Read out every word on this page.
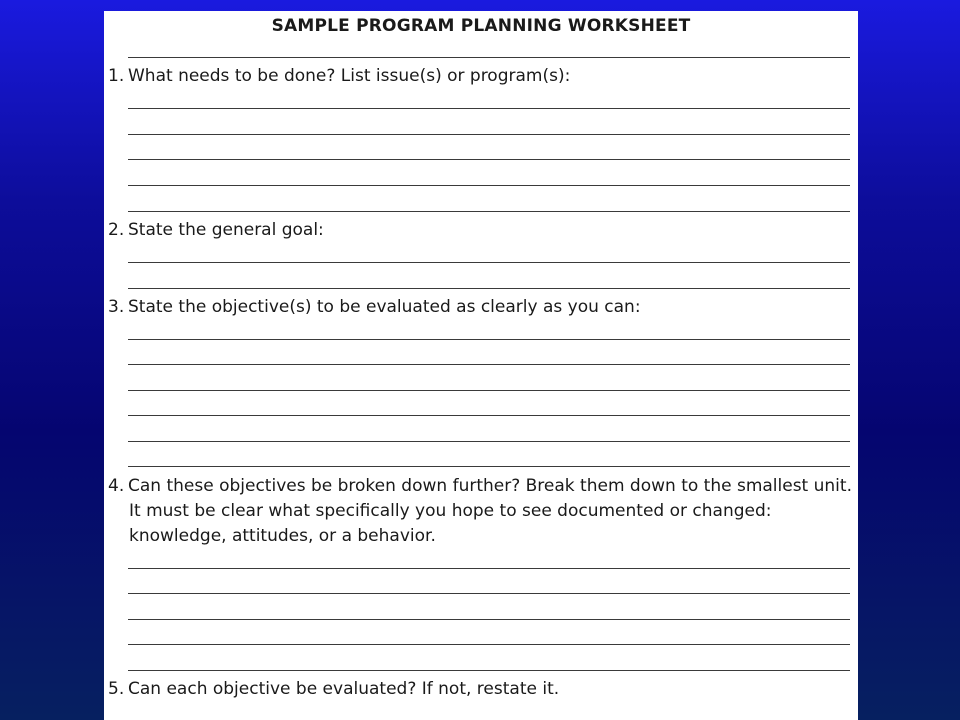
SAMPLE PROGRAM PLANNING WORKSHEET

1. What needs to be done? List issue(s) or program(s):

2. State the general goal:

3. State the objective(s) to be evaluated as clearly as you can:

4. Can these objectives be broken down further? Break them down to the smallest unit.
It must be clear what specifically you hope to see documented or changed:
knowledge, attitudes, or a behavior.

5. Can each objective be evaluated? If not, restate it.
